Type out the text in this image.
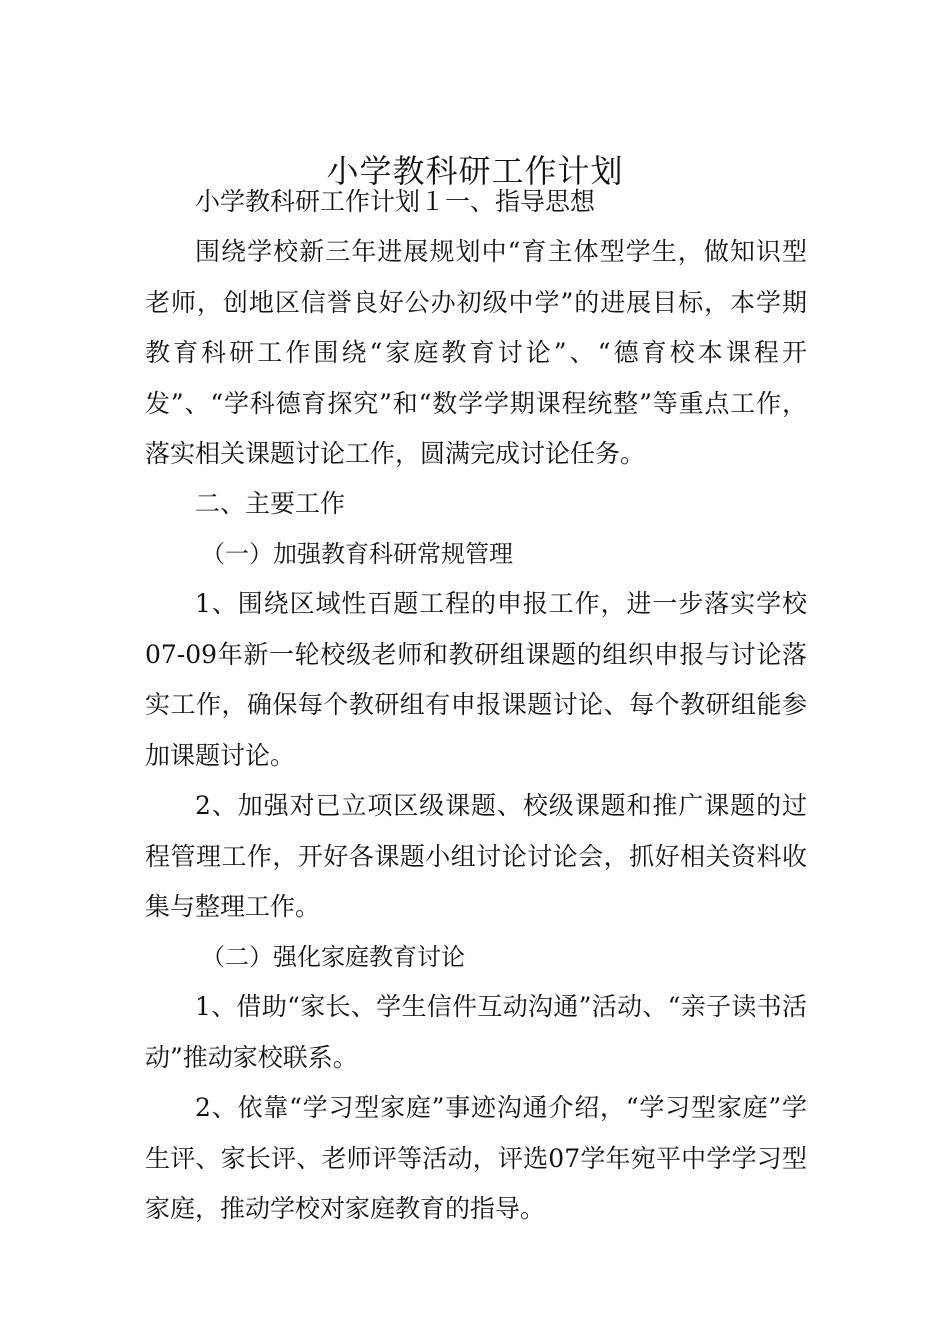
小学教科研工作计划

小学教科研工作计划１一、指导思想

围绕学校新三年进展规划中“育主体型学生，做知识型老师，创地区信誉良好公办初级中学”的进展目标，本学期教育科研工作围绕“家庭教育讨论”、“德育校本课程开发”、“学科德育探究”和“数学学期课程统整”等重点工作，落实相关课题讨论工作，圆满完成讨论任务。

二、主要工作

（一）加强教育科研常规管理

1、围绕区域性百题工程的申报工作，进一步落实学校07-09年新一轮校级老师和教研组课题的组织申报与讨论落实工作，确保每个教研组有申报课题讨论、每个教研组能参加课题讨论。

2、加强对已立项区级课题、校级课题和推广课题的过程管理工作，开好各课题小组讨论讨论会，抓好相关资料收集与整理工作。

（二）强化家庭教育讨论

1、借助“家长、学生信件互动沟通”活动、“亲子读书活动”推动家校联系。

2、依靠“学习型家庭”事迹沟通介绍，“学习型家庭”学生评、家长评、老师评等活动，评选07学年宛平中学学习型家庭，推动学校对家庭教育的指导。
